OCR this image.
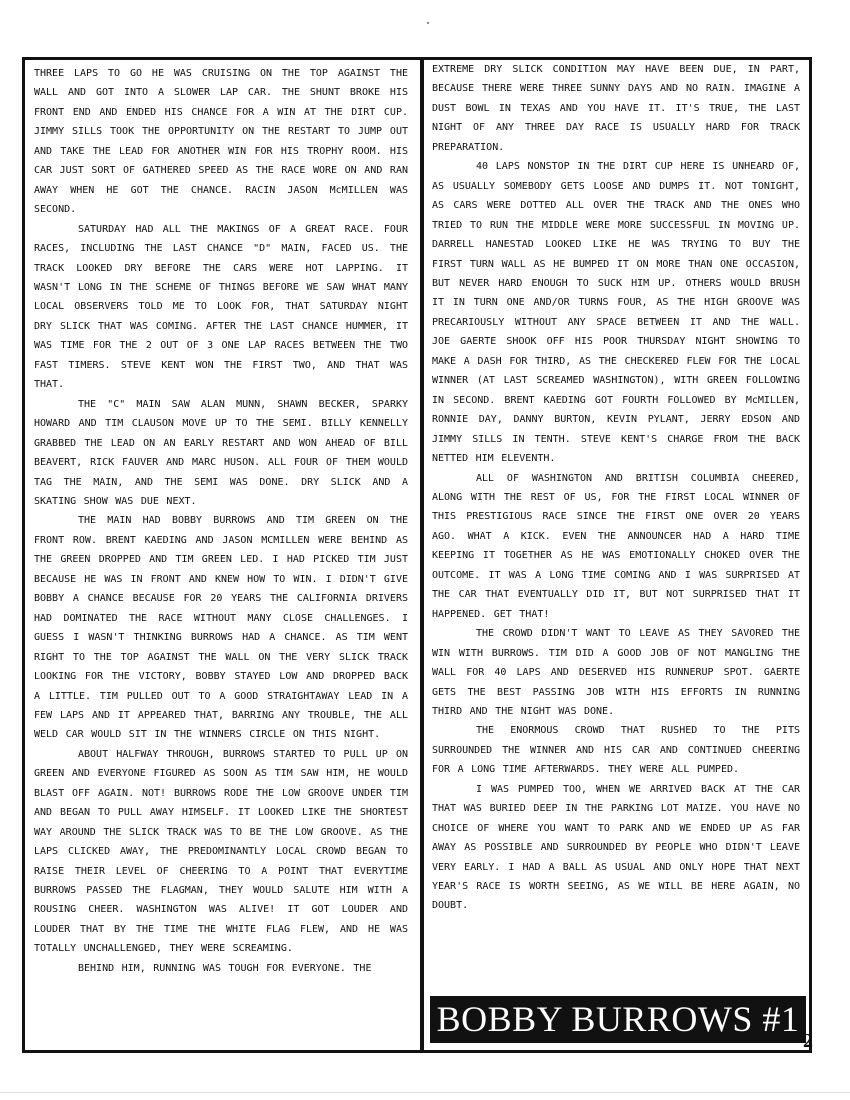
THREE LAPS TO GO HE WAS CRUISING ON THE TOP AGAINST THE WALL AND GOT INTO A SLOWER LAP CAR. THE SHUNT BROKE HIS FRONT END AND ENDED HIS CHANCE FOR A WIN AT THE DIRT CUP. JIMMY SILLS TOOK THE OPPORTUNITY ON THE RESTART TO JUMP OUT AND TAKE THE LEAD FOR ANOTHER WIN FOR HIS TROPHY ROOM. HIS CAR JUST SORT OF GATHERED SPEED AS THE RACE WORE ON AND RAN AWAY WHEN HE GOT THE CHANCE. RACIN JASON McMILLEN WAS SECOND.

SATURDAY HAD ALL THE MAKINGS OF A GREAT RACE. FOUR RACES, INCLUDING THE LAST CHANCE "D" MAIN, FACED US. THE TRACK LOOKED DRY BEFORE THE CARS WERE HOT LAPPING. IT WASN'T LONG IN THE SCHEME OF THINGS BEFORE WE SAW WHAT MANY LOCAL OBSERVERS TOLD ME TO LOOK FOR, THAT SATURDAY NIGHT DRY SLICK THAT WAS COMING. AFTER THE LAST CHANCE HUMMER, IT WAS TIME FOR THE 2 OUT OF 3 ONE LAP RACES BETWEEN THE TWO FAST TIMERS. STEVE KENT WON THE FIRST TWO, AND THAT WAS THAT.

THE "C" MAIN SAW ALAN MUNN, SHAWN BECKER, SPARKY HOWARD AND TIM CLAUSON MOVE UP TO THE SEMI. BILLY KENNELLY GRABBED THE LEAD ON AN EARLY RESTART AND WON AHEAD OF BILL BEAVERT, RICK FAUVER AND MARC HUSON. ALL FOUR OF THEM WOULD TAG THE MAIN, AND THE SEMI WAS DONE. DRY SLICK AND A SKATING SHOW WAS DUE NEXT.

THE MAIN HAD BOBBY BURROWS AND TIM GREEN ON THE FRONT ROW. BRENT KAEDING AND JASON MCMILLEN WERE BEHIND AS THE GREEN DROPPED AND TIM GREEN LED. I HAD PICKED TIM JUST BECAUSE HE WAS IN FRONT AND KNEW HOW TO WIN. I DIDN'T GIVE BOBBY A CHANCE BECAUSE FOR 20 YEARS THE CALIFORNIA DRIVERS HAD DOMINATED THE RACE WITHOUT MANY CLOSE CHALLENGES. I GUESS I WASN'T THINKING BURROWS HAD A CHANCE. AS TIM WENT RIGHT TO THE TOP AGAINST THE WALL ON THE VERY SLICK TRACK LOOKING FOR THE VICTORY, BOBBY STAYED LOW AND DROPPED BACK A LITTLE. TIM PULLED OUT TO A GOOD STRAIGHTAWAY LEAD IN A FEW LAPS AND IT APPEARED THAT, BARRING ANY TROUBLE, THE ALL WELD CAR WOULD SIT IN THE WINNERS CIRCLE ON THIS NIGHT.

ABOUT HALFWAY THROUGH, BURROWS STARTED TO PULL UP ON GREEN AND EVERYONE FIGURED AS SOON AS TIM SAW HIM, HE WOULD BLAST OFF AGAIN. NOT! BURROWS RODE THE LOW GROOVE UNDER TIM AND BEGAN TO PULL AWAY HIMSELF. IT LOOKED LIKE THE SHORTEST WAY AROUND THE SLICK TRACK WAS TO BE THE LOW GROOVE. AS THE LAPS CLICKED AWAY, THE PREDOMINANTLY LOCAL CROWD BEGAN TO RAISE THEIR LEVEL OF CHEERING TO A POINT THAT EVERYTIME BURROWS PASSED THE FLAGMAN, THEY WOULD SALUTE HIM WITH A ROUSING CHEER. WASHINGTON WAS ALIVE! IT GOT LOUDER AND LOUDER THAT BY THE TIME THE WHITE FLAG FLEW, AND HE WAS TOTALLY UNCHALLENGED, THEY WERE SCREAMING.

BEHIND HIM, RUNNING WAS TOUGH FOR EVERYONE. THE

EXTREME DRY SLICK CONDITION MAY HAVE BEEN DUE, IN PART, BECAUSE THERE WERE THREE SUNNY DAYS AND NO RAIN. IMAGINE A DUST BOWL IN TEXAS AND YOU HAVE IT. IT'S TRUE, THE LAST NIGHT OF ANY THREE DAY RACE IS USUALLY HARD FOR TRACK PREPARATION.

40 LAPS NONSTOP IN THE DIRT CUP HERE IS UNHEARD OF, AS USUALLY SOMEBODY GETS LOOSE AND DUMPS IT. NOT TONIGHT, AS CARS WERE DOTTED ALL OVER THE TRACK AND THE ONES WHO TRIED TO RUN THE MIDDLE WERE MORE SUCCESSFUL IN MOVING UP. DARRELL HANESTAD LOOKED LIKE HE WAS TRYING TO BUY THE FIRST TURN WALL AS HE BUMPED IT ON MORE THAN ONE OCCASION, BUT NEVER HARD ENOUGH TO SUCK HIM UP. OTHERS WOULD BRUSH IT IN TURN ONE AND/OR TURNS FOUR, AS THE HIGH GROOVE WAS PRECARIOUSLY WITHOUT ANY SPACE BETWEEN IT AND THE WALL. JOE GAERTE SHOOK OFF HIS POOR THURSDAY NIGHT SHOWING TO MAKE A DASH FOR THIRD, AS THE CHECKERED FLEW FOR THE LOCAL WINNER (AT LAST SCREAMED WASHINGTON), WITH GREEN FOLLOWING IN SECOND. BRENT KAEDING GOT FOURTH FOLLOWED BY McMILLEN, RONNIE DAY, DANNY BURTON, KEVIN PYLANT, JERRY EDSON AND JIMMY SILLS IN TENTH. STEVE KENT'S CHARGE FROM THE BACK NETTED HIM ELEVENTH.

ALL OF WASHINGTON AND BRITISH COLUMBIA CHEERED, ALONG WITH THE REST OF US, FOR THE FIRST LOCAL WINNER OF THIS PRESTIGIOUS RACE SINCE THE FIRST ONE OVER 20 YEARS AGO. WHAT A KICK. EVEN THE ANNOUNCER HAD A HARD TIME KEEPING IT TOGETHER AS HE WAS EMOTIONALLY CHOKED OVER THE OUTCOME. IT WAS A LONG TIME COMING AND I WAS SURPRISED AT THE CAR THAT EVENTUALLY DID IT, BUT NOT SURPRISED THAT IT HAPPENED. GET THAT!

THE CROWD DIDN'T WANT TO LEAVE AS THEY SAVORED THE WIN WITH BURROWS. TIM DID A GOOD JOB OF NOT MANGLING THE WALL FOR 40 LAPS AND DESERVED HIS RUNNERUP SPOT. GAERTE GETS THE BEST PASSING JOB WITH HIS EFFORTS IN RUNNING THIRD AND THE NIGHT WAS DONE.

THE ENORMOUS CROWD THAT RUSHED TO THE PITS SURROUNDED THE WINNER AND HIS CAR AND CONTINUED CHEERING FOR A LONG TIME AFTERWARDS. THEY WERE ALL PUMPED.

I WAS PUMPED TOO, WHEN WE ARRIVED BACK AT THE CAR THAT WAS BURIED DEEP IN THE PARKING LOT MAIZE. YOU HAVE NO CHOICE OF WHERE YOU WANT TO PARK AND WE ENDED UP AS FAR AWAY AS POSSIBLE AND SURROUNDED BY PEOPLE WHO DIDN'T LEAVE VERY EARLY. I HAD A BALL AS USUAL AND ONLY HOPE THAT NEXT YEAR'S RACE IS WORTH SEEING, AS WE WILL BE HERE AGAIN, NO DOUBT.

BOBBY BURROWS #1
2
